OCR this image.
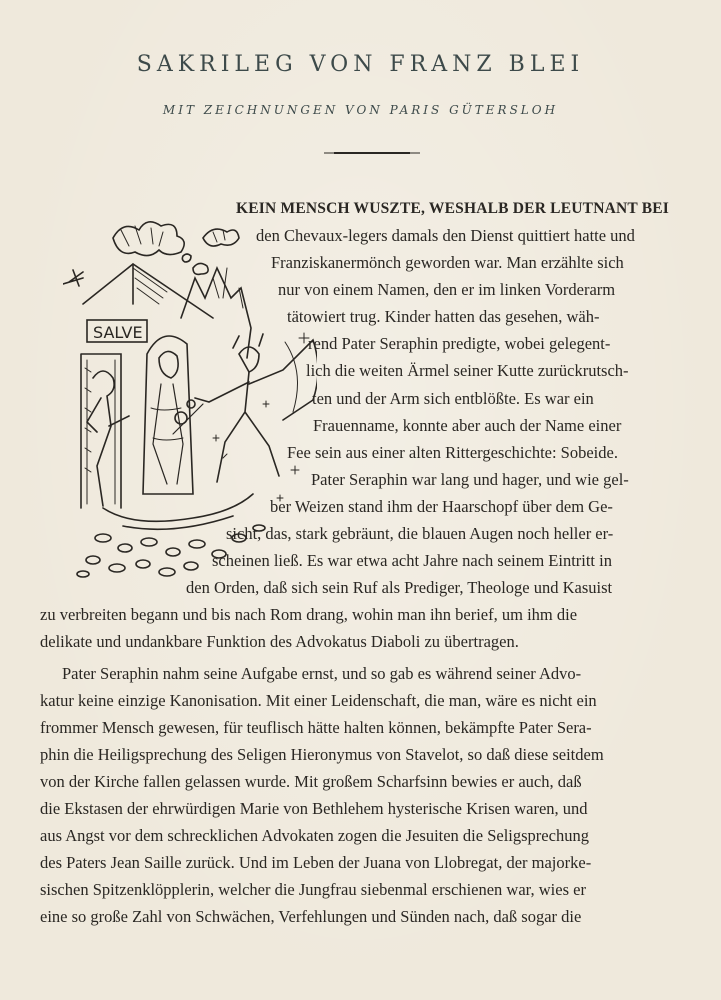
SAKRILEG VON FRANZ BLEI
MIT ZEICHNUNGEN VON PARIS GÜTERSLOH
SALVE
KEIN MENSCH WUSZTE, WESHALB DER LEUTNANT BEI
den Chevaux-legers damals den Dienst quittiert hatte und
Franziskanermönch geworden war. Man erzählte sich
nur von einem Namen, den er im linken Vorderarm
tätowiert trug. Kinder hatten das gesehen, wäh-
rend Pater Seraphin predigte, wobei gelegent-
lich die weiten Ärmel seiner Kutte zurückrutsch-
ten und der Arm sich entblößte. Es war ein
Frauenname, konnte aber auch der Name einer
Fee sein aus einer alten Rittergeschichte: Sobeide.
Pater Seraphin war lang und hager, und wie gel-
ber Weizen stand ihm der Haarschopf über dem Ge-
sicht, das, stark gebräunt, die blauen Augen noch heller er-
scheinen ließ. Es war etwa acht Jahre nach seinem Eintritt in
den Orden, daß sich sein Ruf als Prediger, Theologe und Kasuist
zu verbreiten begann und bis nach Rom drang, wohin man ihn berief, um ihm die
delikate und undankbare Funktion des Advokatus Diaboli zu übertragen.
Pater Seraphin nahm seine Aufgabe ernst, und so gab es während seiner Advo-
katur keine einzige Kanonisation. Mit einer Leidenschaft, die man, wäre es nicht ein
frommer Mensch gewesen, für teuflisch hätte halten können, bekämpfte Pater Sera-
phin die Heiligsprechung des Seligen Hieronymus von Stavelot, so daß diese seitdem
von der Kirche fallen gelassen wurde. Mit großem Scharfsinn bewies er auch, daß
die Ekstasen der ehrwürdigen Marie von Bethlehem hysterische Krisen waren, und
aus Angst vor dem schrecklichen Advokaten zogen die Jesuiten die Seligsprechung
des Paters Jean Saille zurück. Und im Leben der Juana von Llobregat, der majorke-
sischen Spitzenklöpplerin, welcher die Jungfrau siebenmal erschienen war, wies er
eine so große Zahl von Schwächen, Verfehlungen und Sünden nach, daß sogar die
